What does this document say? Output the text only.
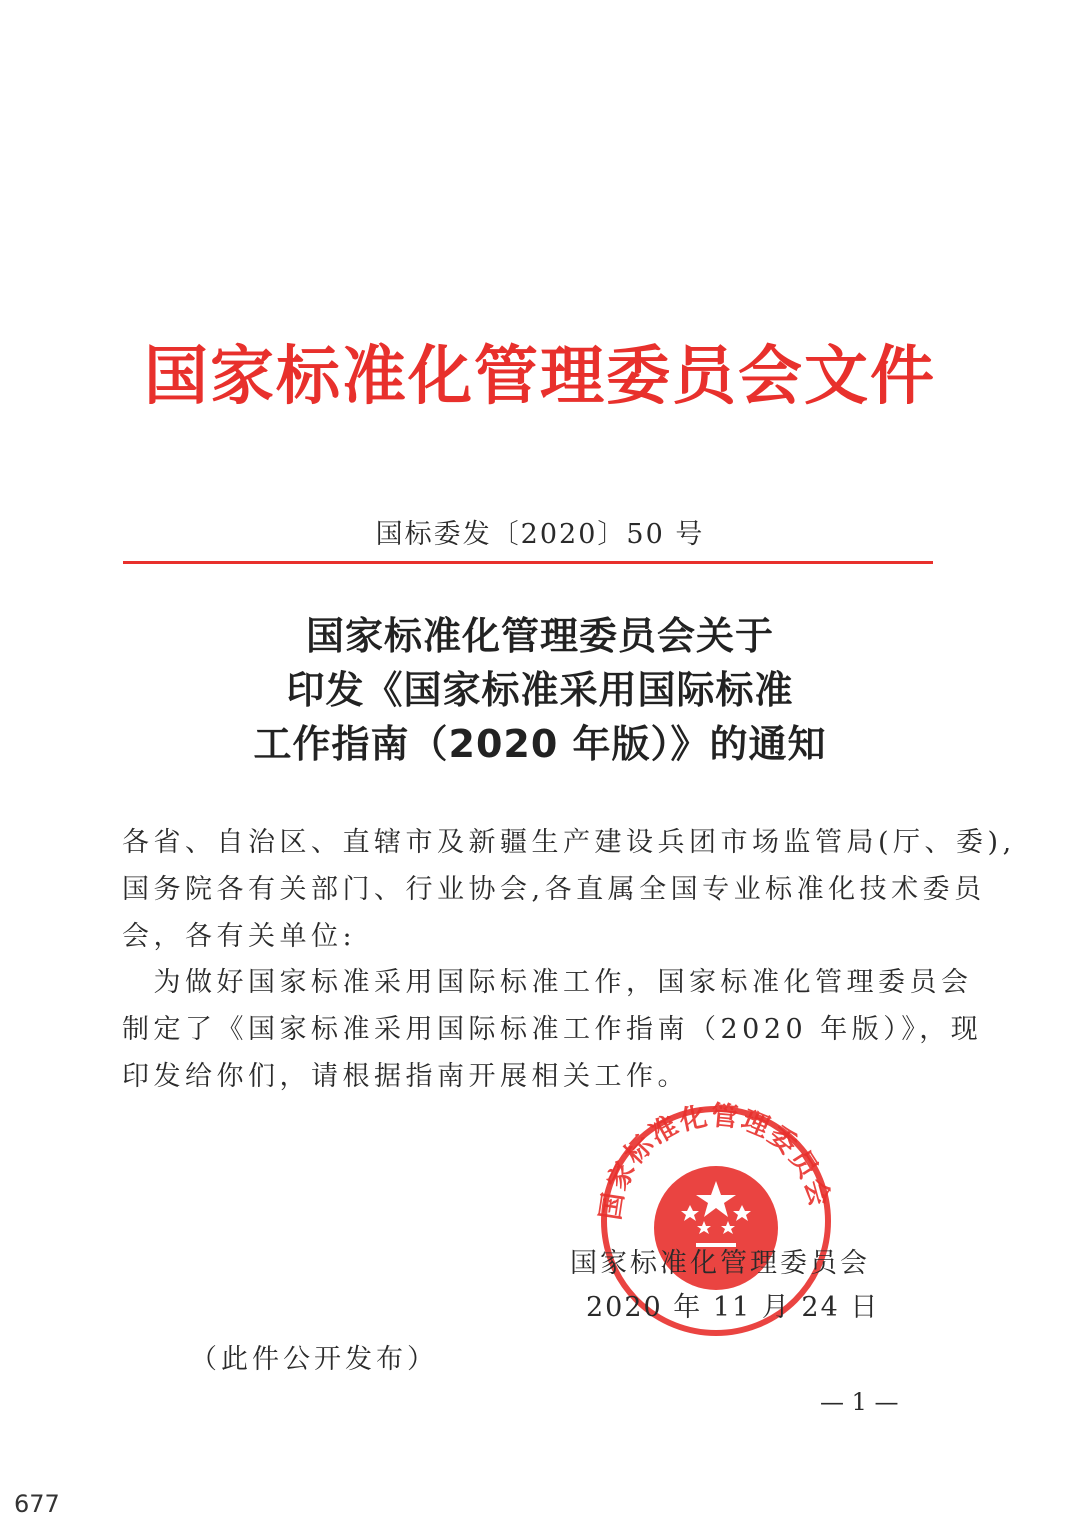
国家标准化管理委员会文件
国标委发〔2020〕50 号
国家标准化管理委员会关于
印发《国家标准采用国际标准
工作指南（2020 年版）》的通知
各省、自治区、直辖市及新疆生产建设兵团市场监管局(厅、委),
国务院各有关部门、行业协会,各直属全国专业标准化技术委员
会，各有关单位:
　为做好国家标准采用国际标准工作，国家标准化管理委员会
制定了《国家标准采用国际标准工作指南（2020 年版）》，现
印发给你们，请根据指南开展相关工作。
国家标准化管理委员会
国家标准化管理委员会
2020 年 11 月 24 日
（此件公开发布）
— 1 —
677
